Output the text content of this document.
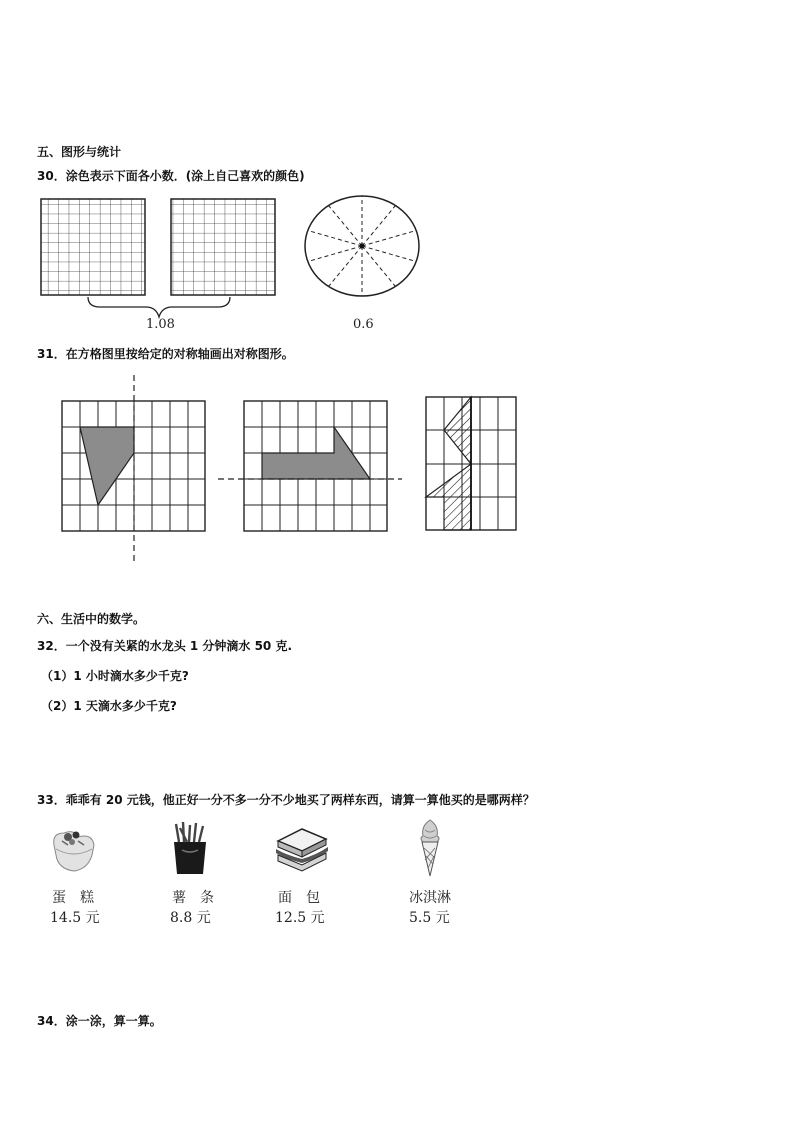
五、图形与统计
30．涂色表示下面各小数．(涂上自己喜欢的颜色)
1.08	0.6
31．在方格图里按给定的对称轴画出对称图形。
六、生活中的数学。
32．一个没有关紧的水龙头 1 分钟滴水 50 克.
（1）1 小时滴水多少千克?
（2）1 天滴水多少千克?
33．乖乖有 20 元钱，他正好一分不多一分不少地买了两样东西，请算一算他买的是哪两样？
蛋糕
14.5 元
薯条
8.8 元
面包
12.5 元
冰淇淋
5.5 元
34．涂一涂，算一算。
